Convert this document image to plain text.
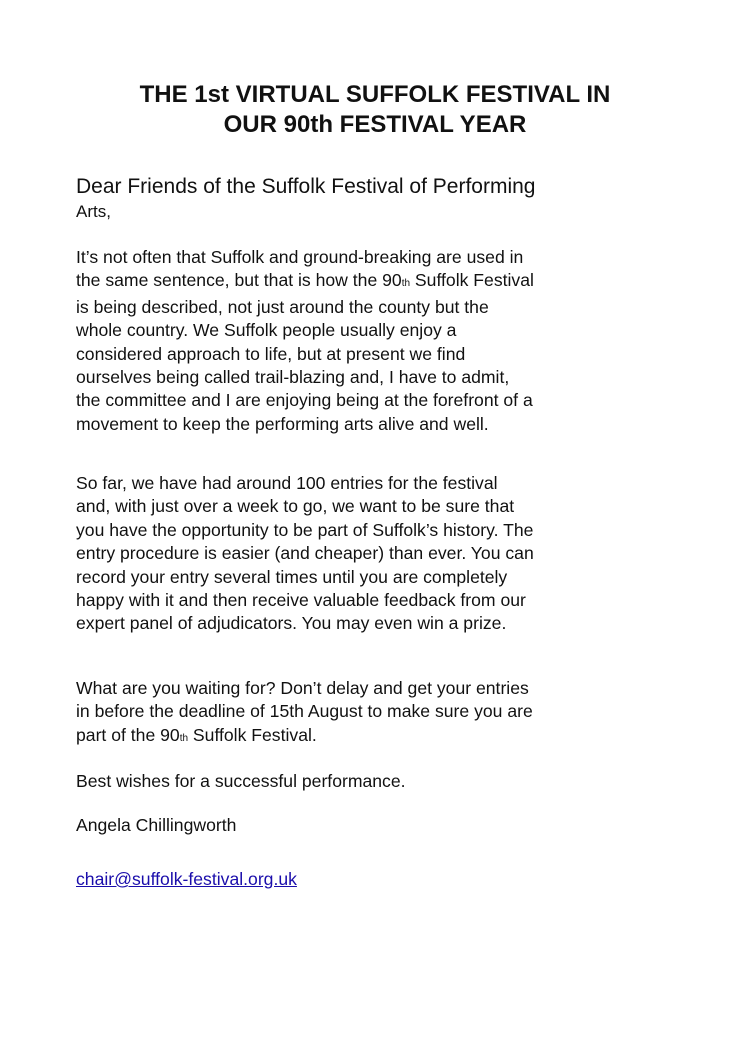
THE 1st VIRTUAL SUFFOLK FESTIVAL IN
OUR 90th FESTIVAL YEAR

Dear Friends of the Suffolk Festival of Performing
Arts,

It’s not often that Suffolk and ground-breaking are used in
the same sentence, but that is how the 90th Suffolk Festival
is being described, not just around the county but the
whole country. We Suffolk people usually enjoy a
considered approach to life, but at present we find
ourselves being called trail-blazing and, I have to admit,
the committee and I are enjoying being at the forefront of a
movement to keep the performing arts alive and well.

So far, we have had around 100 entries for the festival
and, with just over a week to go, we want to be sure that
you have the opportunity to be part of Suffolk’s history. The
entry procedure is easier (and cheaper) than ever. You can
record your entry several times until you are completely
happy with it and then receive valuable feedback from our
expert panel of adjudicators. You may even win a prize.

What are you waiting for? Don’t delay and get your entries
in before the deadline of 15th August to make sure you are
part of the 90th Suffolk Festival.

Best wishes for a successful performance.

Angela Chillingworth

chair@suffolk-festival.org.uk
